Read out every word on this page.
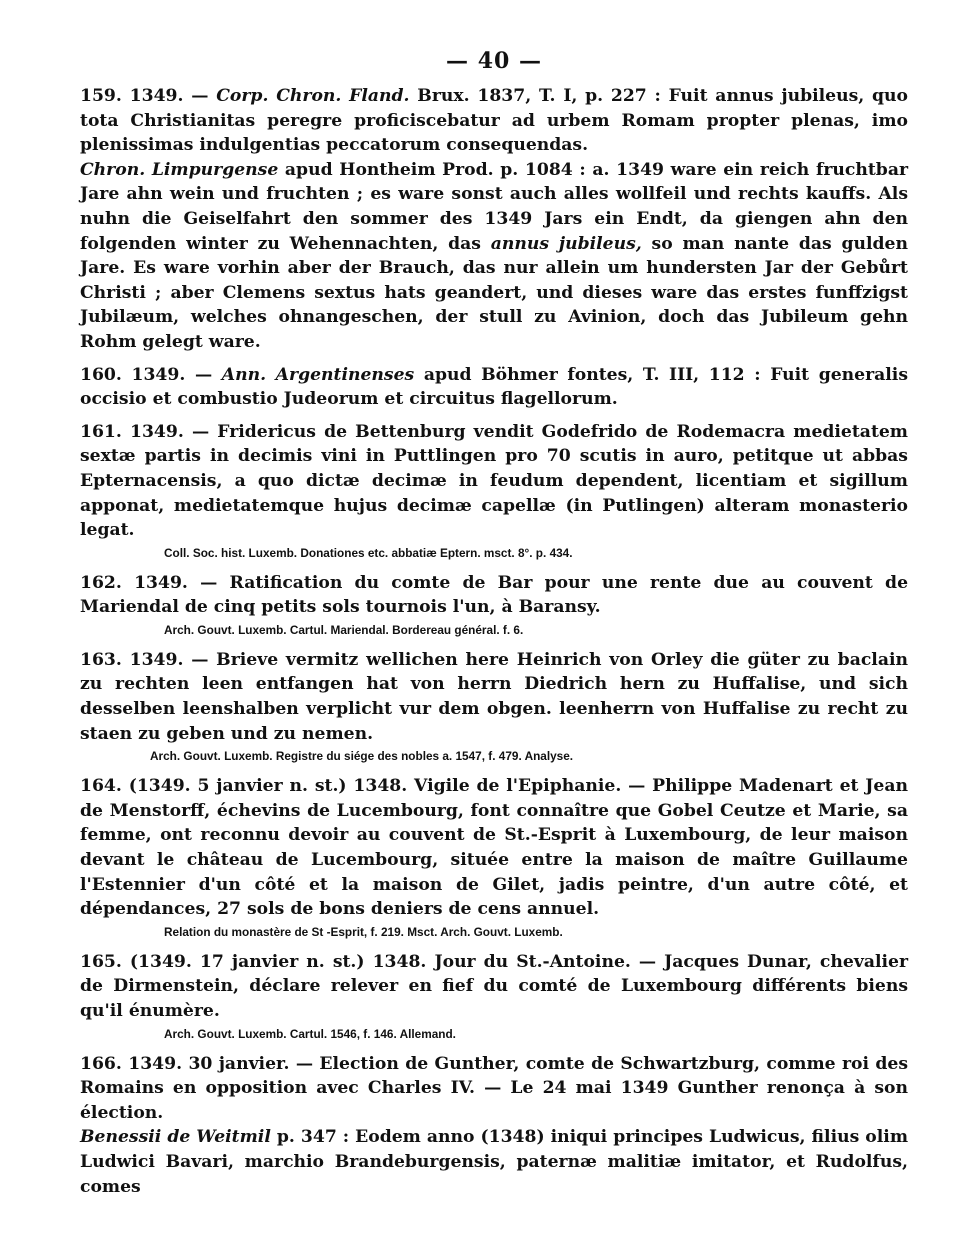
— 40 —

159. 1349. — Corp. Chron. Fland. Brux. 1837, T. I, p. 227 : Fuit annus jubileus, quo tota Christianitas peregre proficiscebatur ad urbem Romam propter plenas, imo plenissimas indulgentias peccatorum consequendas.

Chron. Limpurgense apud Hontheim Prod. p. 1084 : a. 1349 ware ein reich fruchtbar Jare ahn wein und fruchten ; es ware sonst auch alles wollfeil und rechts kauffs. Als nuhn die Geiselfahrt den sommer des 1349 Jars ein Endt, da giengen ahn den folgenden winter zu Wehennachten, das annus jubileus, so man nante das gulden Jare. Es ware vorhin aber der Brauch, das nur allein um hundersten Jar der Gebůrt Christi ; aber Clemens sextus hats geandert, und dieses ware das erstes funffzigst Jubilæum, welches ohnangeschen, der stull zu Avinion, doch das Jubileum gehn Rohm gelegt ware.

160. 1349. — Ann. Argentinenses apud Böhmer fontes, T. III, 112 : Fuit generalis occisio et combustio Judeorum et circuitus flagellorum.

161. 1349. — Fridericus de Bettenburg vendit Godefrido de Rodemacra medietatem sextæ partis in decimis vini in Puttlingen pro 70 scutis in auro, petitque ut abbas Epternacensis, a quo dictæ decimæ in feudum dependent, licentiam et sigillum apponat, medietatemque hujus decimæ capellæ (in Putlingen) alteram monasterio legat.

Coll. Soc. hist. Luxemb. Donationes etc. abbatiæ Eptern. msct. 8°. p. 434.

162. 1349. — Ratification du comte de Bar pour une rente due au couvent de Mariendal de cinq petits sols tournois l'un, à Baransy.

Arch. Gouvt. Luxemb. Cartul. Mariendal. Bordereau général. f. 6.

163. 1349. — Brieve vermitz wellichen here Heinrich von Orley die güter zu baclain zu rechten leen entfangen hat von herrn Diedrich hern zu Huffalise, und sich desselben leenshalben verplicht vur dem obgen. leenherrn von Huffalise zu recht zu staen zu geben und zu nemen.

Arch. Gouvt. Luxemb. Registre du siége des nobles a. 1547, f. 479. Analyse.

164. (1349. 5 janvier n. st.) 1348. Vigile de l'Epiphanie. — Philippe Madenart et Jean de Menstorff, échevins de Lucembourg, font connaître que Gobel Ceutze et Marie, sa femme, ont reconnu devoir au couvent de St.-Esprit à Luxembourg, de leur maison devant le château de Lucembourg, située entre la maison de maître Guillaume l'Estennier d'un côté et la maison de Gilet, jadis peintre, d'un autre côté, et dépendances, 27 sols de bons deniers de cens annuel.

Relation du monastère de St -Esprit, f. 219. Msct. Arch. Gouvt. Luxemb.

165. (1349. 17 janvier n. st.) 1348. Jour du St.-Antoine. — Jacques Dunar, chevalier de Dirmenstein, déclare relever en fief du comté de Luxembourg différents biens qu'il énumère.

Arch. Gouvt. Luxemb. Cartul. 1546, f. 146. Allemand.

166. 1349. 30 janvier. — Election de Gunther, comte de Schwartzburg, comme roi des Romains en opposition avec Charles IV. — Le 24 mai 1349 Gunther renonça à son élection.

Benessii de Weitmil p. 347 : Eodem anno (1348) iniqui principes Ludwicus, filius olim Ludwici Bavari, marchio Brandeburgensis, paternæ malitiæ imitator, et Rudolfus, comes
